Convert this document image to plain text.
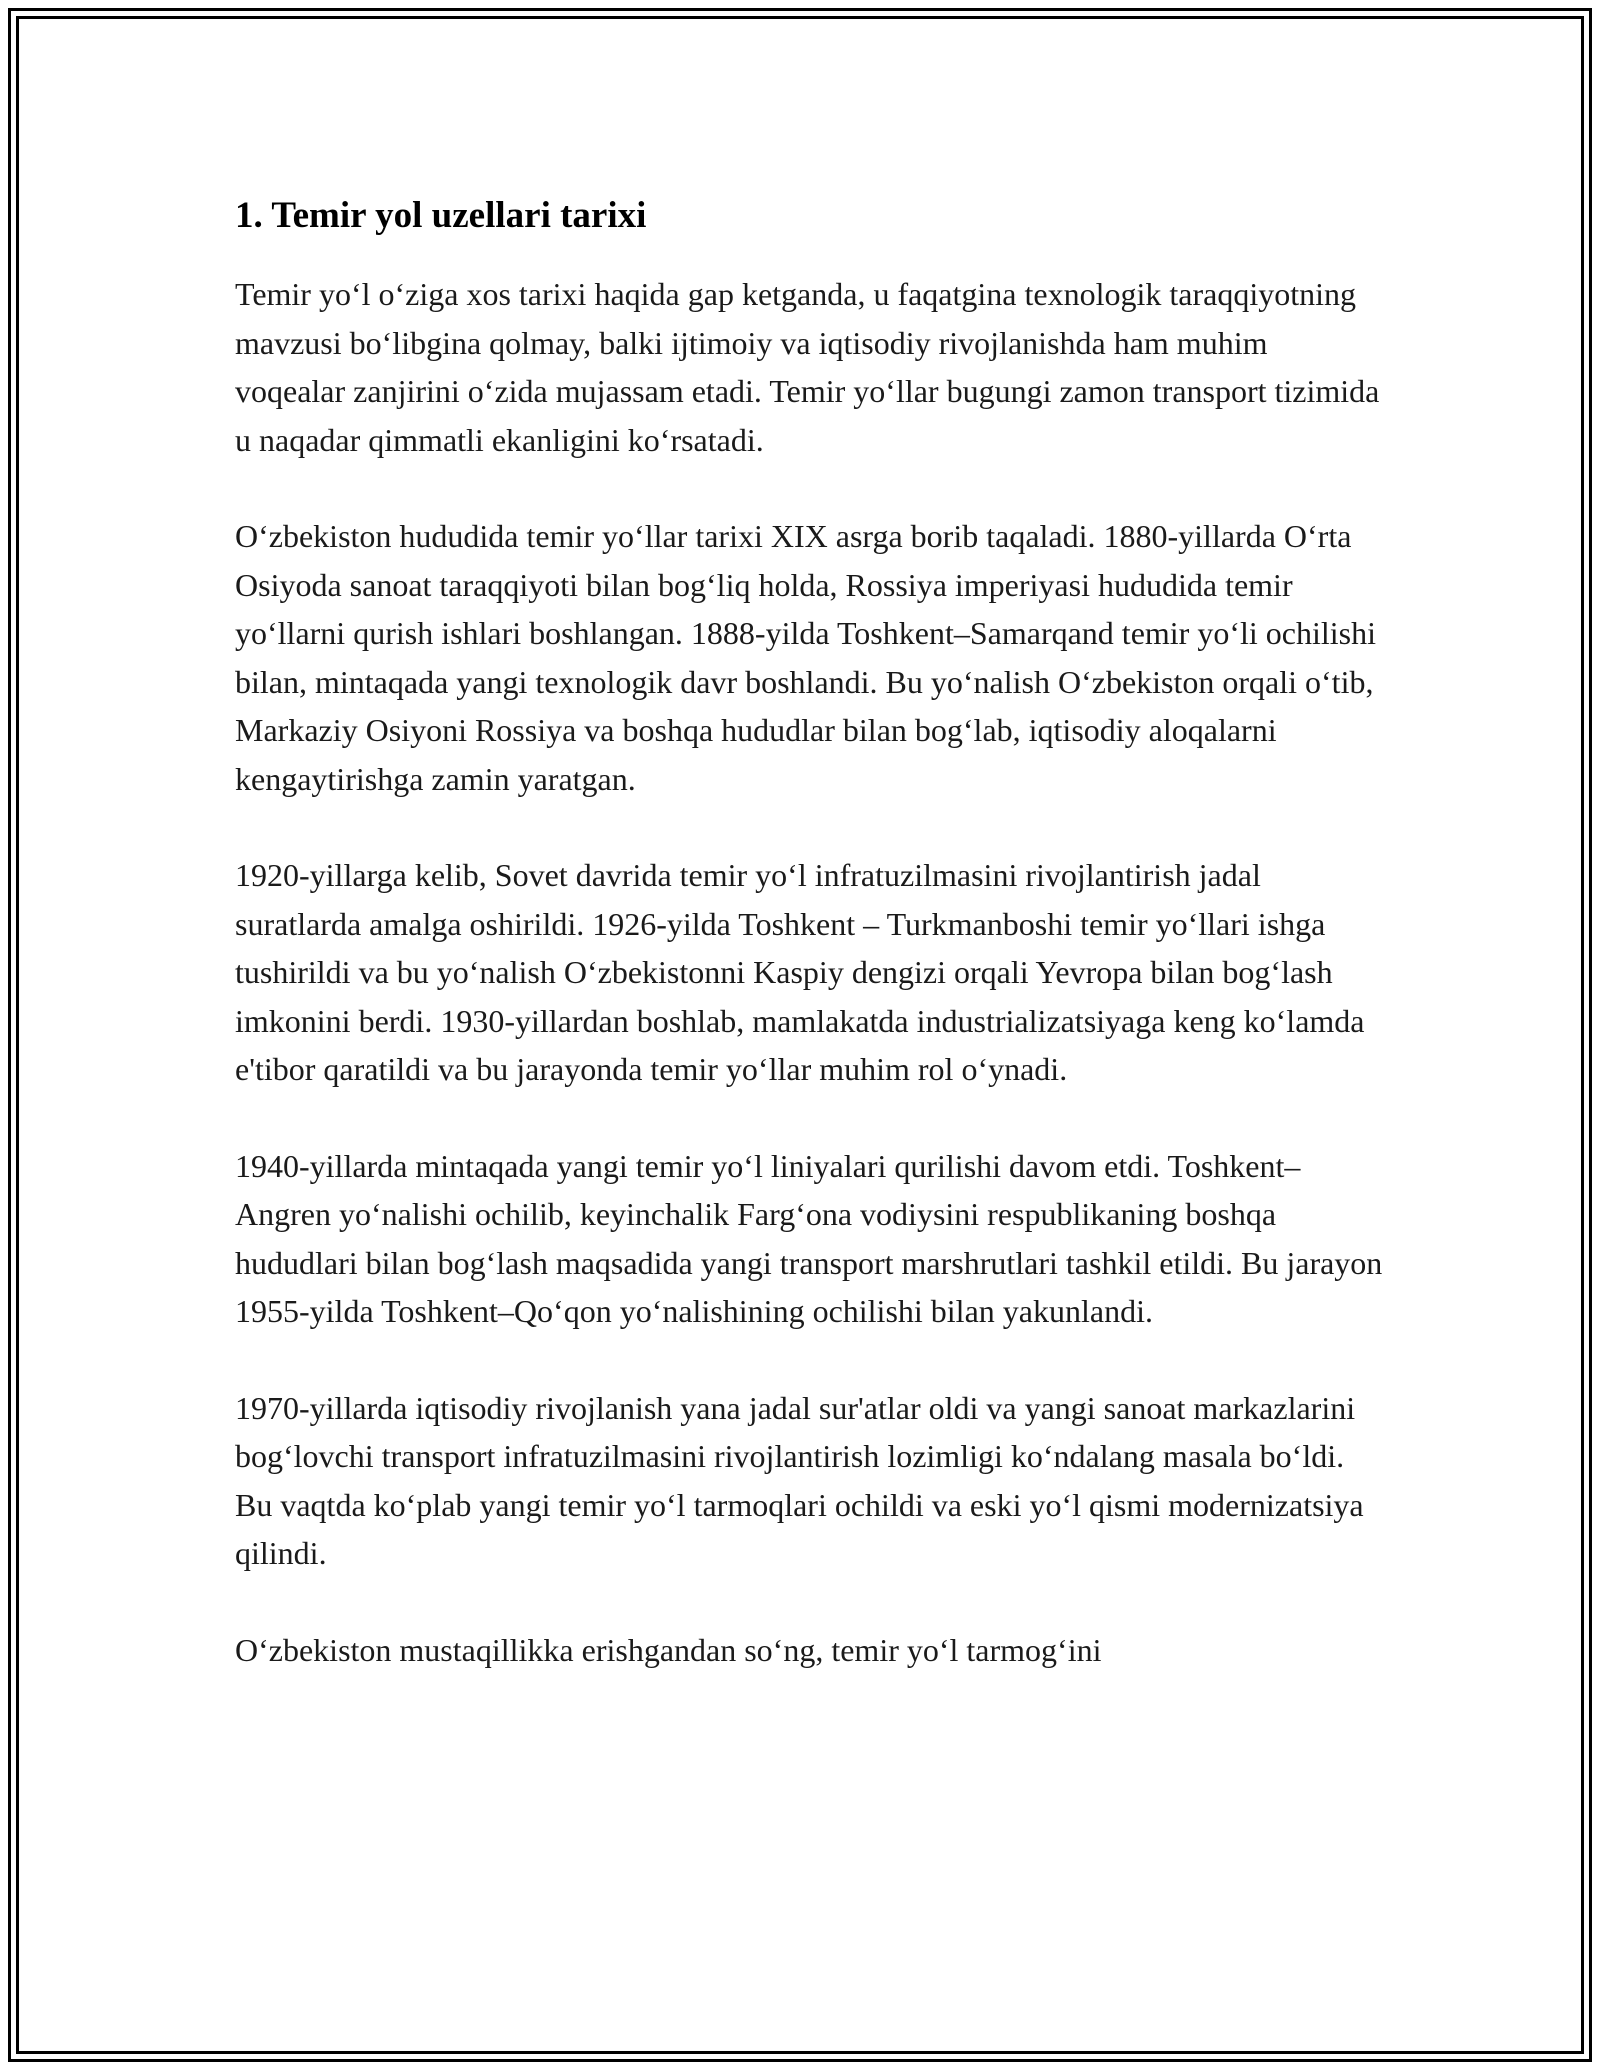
1. Temir yol uzellari tarixi

Temir yo‘l o‘ziga xos tarixi haqida gap ketganda, u faqatgina texnologik taraqqiyotning mavzusi bo‘libgina qolmay, balki ijtimoiy va iqtisodiy rivojlanishda ham muhim voqealar zanjirini o‘zida mujassam etadi. Temir yo‘llar bugungi zamon transport tizimida u naqadar qimmatli ekanligini ko‘rsatadi.

O‘zbekiston hududida temir yo‘llar tarixi XIX asrga borib taqaladi. 1880-yillarda O‘rta Osiyoda sanoat taraqqiyoti bilan bog‘liq holda, Rossiya imperiyasi hududida temir yo‘llarni qurish ishlari boshlangan. 1888-yilda Toshkent–Samarqand temir yo‘li ochilishi bilan, mintaqada yangi texnologik davr boshlandi. Bu yo‘nalish O‘zbekiston orqali o‘tib, Markaziy Osiyoni Rossiya va boshqa hududlar bilan bog‘lab, iqtisodiy aloqalarni kengaytirishga zamin yaratgan.

1920-yillarga kelib, Sovet davrida temir yo‘l infratuzilmasini rivojlantirish jadal suratlarda amalga oshirildi. 1926-yilda Toshkent – Turkmanboshi temir yo‘llari ishga tushirildi va bu yo‘nalish O‘zbekistonni Kaspiy dengizi orqali Yevropa bilan bog‘lash imkonini berdi. 1930-yillardan boshlab, mamlakatda industrializatsiyaga keng ko‘lamda e'tibor qaratildi va bu jarayonda temir yo‘llar muhim rol o‘ynadi.

1940-yillarda mintaqada yangi temir yo‘l liniyalari qurilishi davom etdi. Toshkent–Angren yo‘nalishi ochilib, keyinchalik Farg‘ona vodiysini respublikaning boshqa hududlari bilan bog‘lash maqsadida yangi transport marshrutlari tashkil etildi. Bu jarayon 1955-yilda Toshkent–Qo‘qon yo‘nalishining ochilishi bilan yakunlandi.

1970-yillarda iqtisodiy rivojlanish yana jadal sur'atlar oldi va yangi sanoat markazlarini bog‘lovchi transport infratuzilmasini rivojlantirish lozimligi ko‘ndalang masala bo‘ldi. Bu vaqtda ko‘plab yangi temir yo‘l tarmoqlari ochildi va eski yo‘l qismi modernizatsiya qilindi.

O‘zbekiston mustaqillikka erishgandan so‘ng, temir yo‘l tarmog‘ini
